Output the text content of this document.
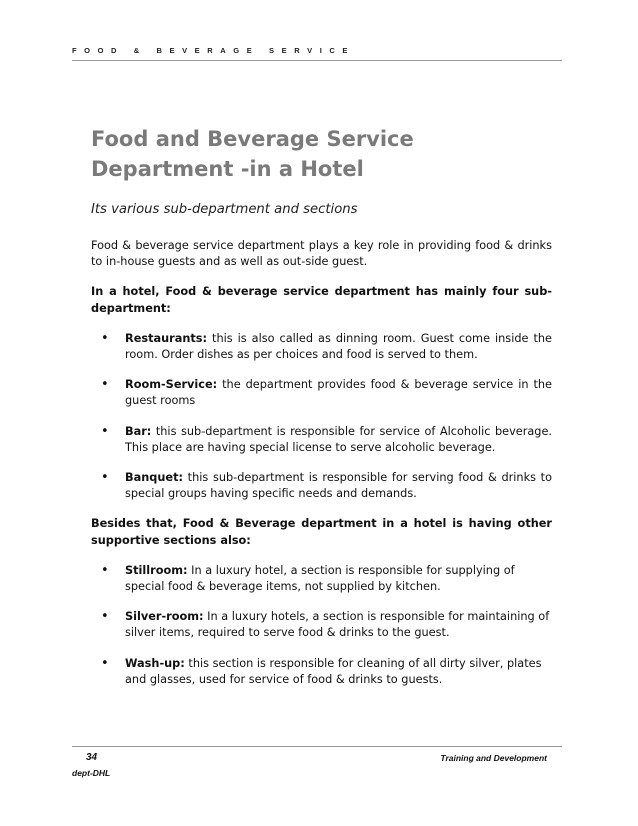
FOOD & BEVERAGE SERVICE
Food and Beverage Service Department -in a Hotel
Its various sub-department and sections

Food & beverage service department plays a key role in providing food & drinks to in-house guests and as well as out-side guest.

In a hotel, Food & beverage service department has mainly four sub-department:

• Restaurants: this is also called as dinning room. Guest come inside the room. Order dishes as per choices and food is served to them.
• Room-Service: the department provides food & beverage service in the guest rooms
• Bar: this sub-department is responsible for service of Alcoholic beverage. This place are having special license to serve alcoholic beverage.
• Banquet: this sub-department is responsible for serving food & drinks to special groups having specific needs and demands.

Besides that, Food & Beverage department in a hotel is having other supportive sections also:

• Stillroom: In a luxury hotel, a section is responsible for supplying of special food & beverage items, not supplied by kitchen.
• Silver-room: In a luxury hotels, a section is responsible for maintaining of silver items, required to serve food & drinks to the guest.
• Wash-up: this section is responsible for cleaning of all dirty silver, plates and glasses, used for service of food & drinks to guests.
34	Training and Development
dept-DHL
